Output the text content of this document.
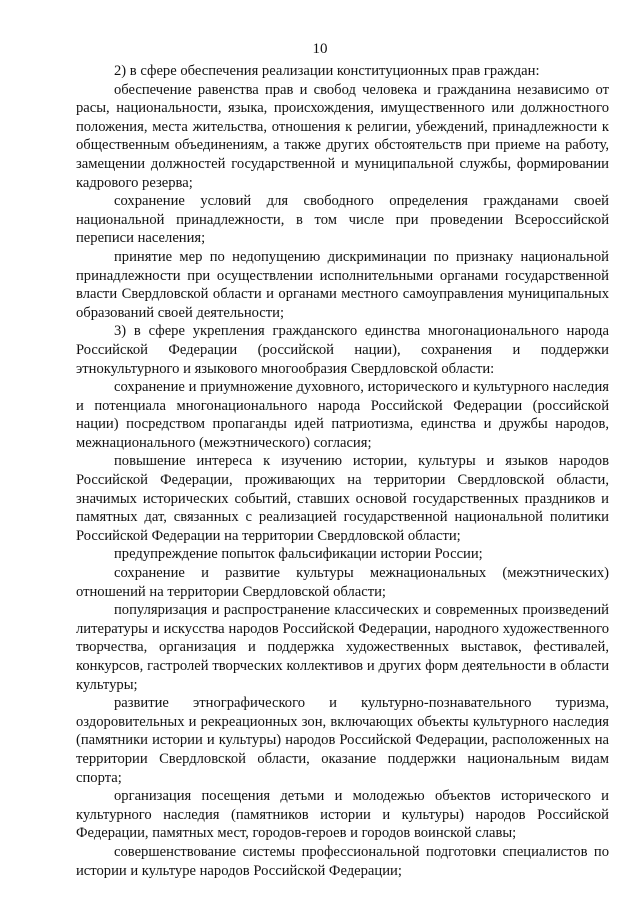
10

2) в сфере обеспечения реализации конституционных прав граждан:

обеспечение равенства прав и свобод человека и гражданина независимо от расы, национальности, языка, происхождения, имущественного или должностного положения, места жительства, отношения к религии, убеждений, принадлежности к общественным объединениям, а также других обстоятельств при приеме на работу, замещении должностей государственной и муниципальной службы, формировании кадрового резерва;

сохранение условий для свободного определения гражданами своей национальной принадлежности, в том числе при проведении Всероссийской переписи населения;

принятие мер по недопущению дискриминации по признаку национальной принадлежности при осуществлении исполнительными органами государственной власти Свердловской области и органами местного самоуправления муниципальных образований своей деятельности;

3) в сфере укрепления гражданского единства многонационального народа Российской Федерации (российской нации), сохранения и поддержки этнокультурного и языкового многообразия Свердловской области:

сохранение и приумножение духовного, исторического и культурного наследия и потенциала многонационального народа Российской Федерации (российской нации) посредством пропаганды идей патриотизма, единства и дружбы народов, межнационального (межэтнического) согласия;

повышение интереса к изучению истории, культуры и языков народов Российской Федерации, проживающих на территории Свердловской области, значимых исторических событий, ставших основой государственных праздников и памятных дат, связанных с реализацией государственной национальной политики Российской Федерации на территории Свердловской области;

предупреждение попыток фальсификации истории России;

сохранение и развитие культуры межнациональных (межэтнических) отношений на территории Свердловской области;

популяризация и распространение классических и современных произведений литературы и искусства народов Российской Федерации, народного художественного творчества, организация и поддержка художественных выставок, фестивалей, конкурсов, гастролей творческих коллективов и других форм деятельности в области культуры;

развитие этнографического и культурно-познавательного туризма, оздоровительных и рекреационных зон, включающих объекты культурного наследия (памятники истории и культуры) народов Российской Федерации, расположенных на территории Свердловской области, оказание поддержки национальным видам спорта;

организация посещения детьми и молодежью объектов исторического и культурного наследия (памятников истории и культуры) народов Российской Федерации, памятных мест, городов-героев и городов воинской славы;

совершенствование системы профессиональной подготовки специалистов по истории и культуре народов Российской Федерации;
